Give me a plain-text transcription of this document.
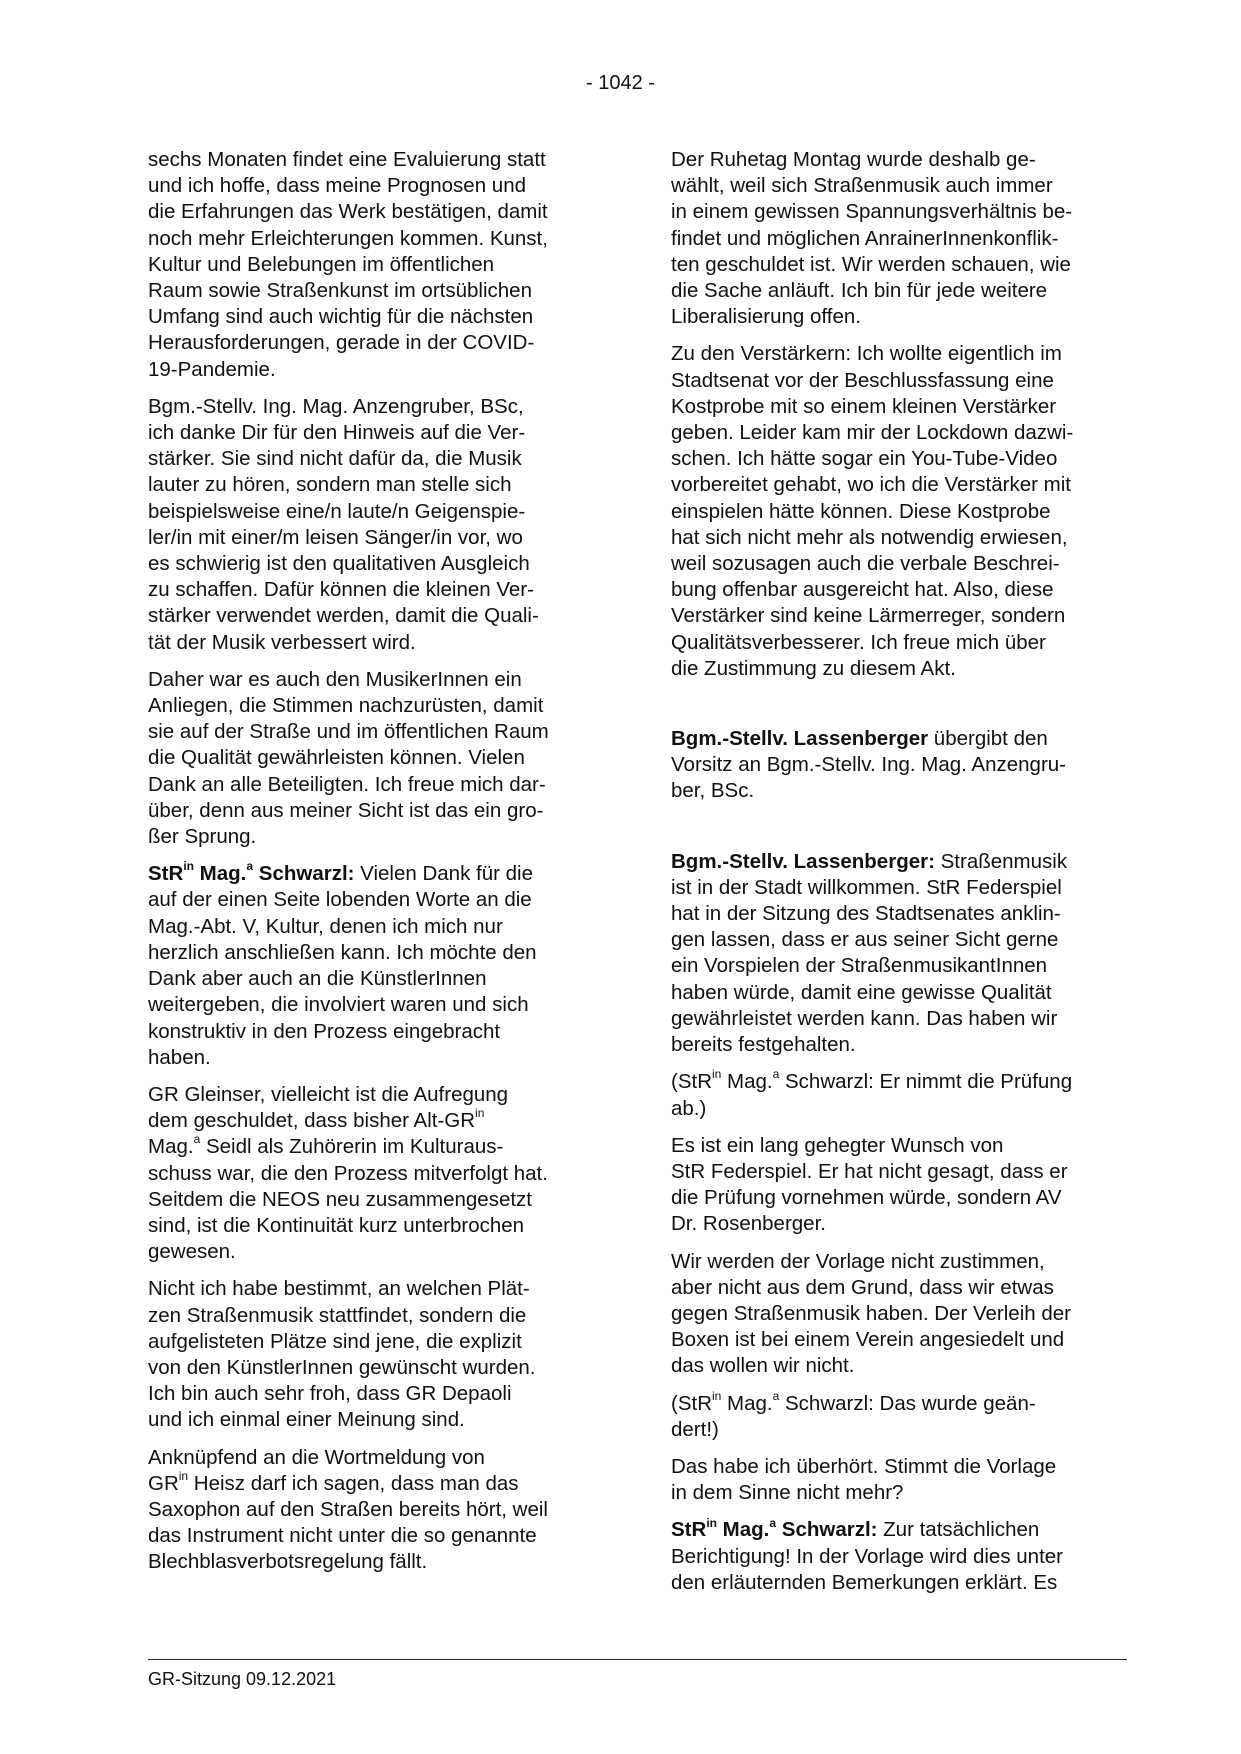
- 1042 -

sechs Monaten findet eine Evaluierung statt
und ich hoffe, dass meine Prognosen und
die Erfahrungen das Werk bestätigen, damit
noch mehr Erleichterungen kommen. Kunst,
Kultur und Belebungen im öffentlichen
Raum sowie Straßenkunst im ortsüblichen
Umfang sind auch wichtig für die nächsten
Herausforderungen, gerade in der COVID-
19-Pandemie.

Bgm.-Stellv. Ing. Mag. Anzengruber, BSc,
ich danke Dir für den Hinweis auf die Ver-
stärker. Sie sind nicht dafür da, die Musik
lauter zu hören, sondern man stelle sich
beispielsweise eine/n laute/n Geigenspie-
ler/in mit einer/m leisen Sänger/in vor, wo
es schwierig ist den qualitativen Ausgleich
zu schaffen. Dafür können die kleinen Ver-
stärker verwendet werden, damit die Quali-
tät der Musik verbessert wird.

Daher war es auch den MusikerInnen ein
Anliegen, die Stimmen nachzurüsten, damit
sie auf der Straße und im öffentlichen Raum
die Qualität gewährleisten können. Vielen
Dank an alle Beteiligten. Ich freue mich dar-
über, denn aus meiner Sicht ist das ein gro-
ßer Sprung.

StR$^{in}$ Mag.$^a$ Schwarzl: Vielen Dank für die
auf der einen Seite lobenden Worte an die
Mag.-Abt. V, Kultur, denen ich mich nur
herzlich anschließen kann. Ich möchte den
Dank aber auch an die KünstlerInnen
weitergeben, die involviert waren und sich
konstruktiv in den Prozess eingebracht
haben.

GR Gleinser, vielleicht ist die Aufregung
dem geschuldet, dass bisher Alt-$GR^{in}$
Mag.$^a$ Seidl als Zuhörerin im Kulturaus-
schuss war, die den Prozess mitverfolgt hat.
Seitdem die NEOS neu zusammengesetzt
sind, ist die Kontinuität kurz unterbrochen
gewesen.

Nicht ich habe bestimmt, an welchen Plät-
zen Straßenmusik stattfindet, sondern die
aufgelisteten Plätze sind jene, die explizit
von den KünstlerInnen gewünscht wurden.
Ich bin auch sehr froh, dass GR Depaoli
und ich einmal einer Meinung sind.

Anknüpfend an die Wortmeldung von
$GR^{in}$ Heisz darf ich sagen, dass man das
Saxophon auf den Straßen bereits hört, weil
das Instrument nicht unter die so genannte
Blechblasverbotsregelung fällt.

Der Ruhetag Montag wurde deshalb ge-
wählt, weil sich Straßenmusik auch immer
in einem gewissen Spannungsverhältnis be-
findet und möglichen AnrainerInnenkonflik-
ten geschuldet ist. Wir werden schauen, wie
die Sache anläuft. Ich bin für jede weitere
Liberalisierung offen.

Zu den Verstärkern: Ich wollte eigentlich im
Stadtsenat vor der Beschlussfassung eine
Kostprobe mit so einem kleinen Verstärker
geben. Leider kam mir der Lockdown dazwi-
schen. Ich hätte sogar ein You-Tube-Video
vorbereitet gehabt, wo ich die Verstärker mit
einspielen hätte können. Diese Kostprobe
hat sich nicht mehr als notwendig erwiesen,
weil sozusagen auch die verbale Beschrei-
bung offenbar ausgereicht hat. Also, diese
Verstärker sind keine Lärmerreger, sondern
Qualitätsverbesserer. Ich freue mich über
die Zustimmung zu diesem Akt.

Bgm.-Stellv. Lassenberger übergibt den
Vorsitz an Bgm.-Stellv. Ing. Mag. Anzengru-
ber, BSc.

Bgm.-Stellv. Lassenberger: Straßenmusik
ist in der Stadt willkommen. StR Federspiel
hat in der Sitzung des Stadtsenates anklin-
gen lassen, dass er aus seiner Sicht gerne
ein Vorspielen der StraßenmusikantInnen
haben würde, damit eine gewisse Qualität
gewährleistet werden kann. Das haben wir
bereits festgehalten.

(StR$^{in}$ Mag.$^a$ Schwarzl: Er nimmt die Prüfung
ab.)

Es ist ein lang gehegter Wunsch von
StR Federspiel. Er hat nicht gesagt, dass er
die Prüfung vornehmen würde, sondern AV
Dr. Rosenberger.

Wir werden der Vorlage nicht zustimmen,
aber nicht aus dem Grund, dass wir etwas
gegen Straßenmusik haben. Der Verleih der
Boxen ist bei einem Verein angesiedelt und
das wollen wir nicht.

(StR$^{in}$ Mag.$^a$ Schwarzl: Das wurde geän-
dert!)

Das habe ich überhört. Stimmt die Vorlage
in dem Sinne nicht mehr?

StR$^{in}$ Mag.$^a$ Schwarzl: Zur tatsächlichen
Berichtigung! In der Vorlage wird dies unter
den erläuternden Bemerkungen erklärt. Es

GR-Sitzung 09.12.2021
